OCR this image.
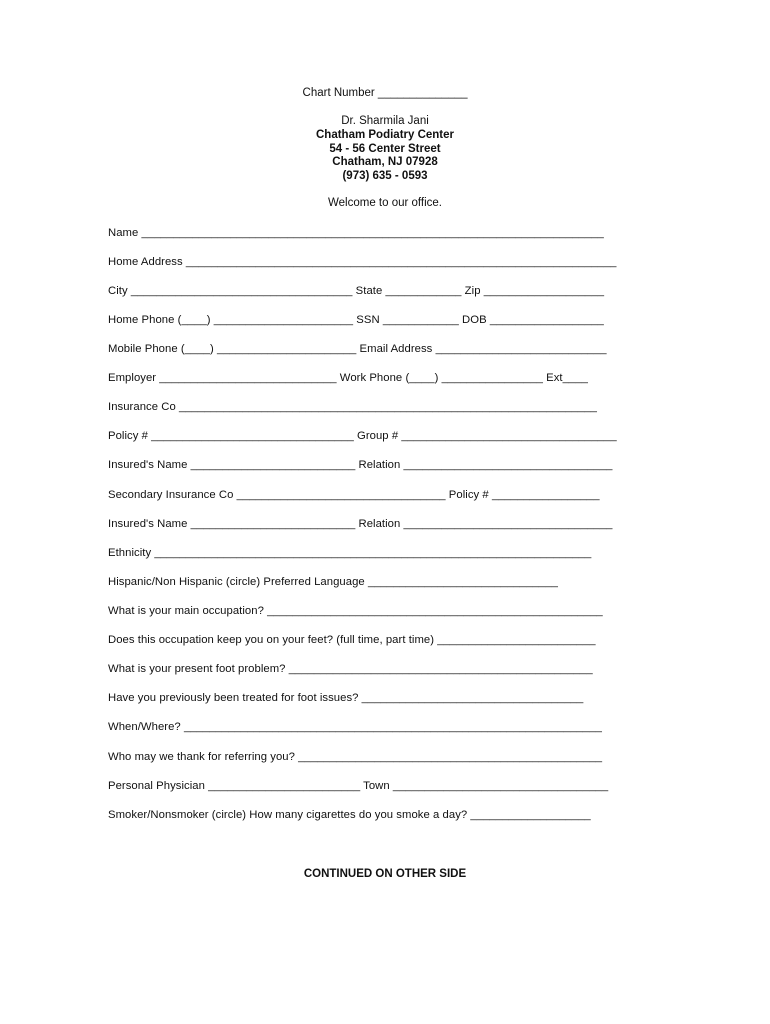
Chart Number ______________
Dr. Sharmila Jani
Chatham Podiatry Center
54 - 56 Center Street
Chatham, NJ 07928
(973) 635 - 0593
Welcome to our office.
Name _________________________________________________________________________
Home Address ____________________________________________________________________
City ___________________________________ State ____________ Zip ___________________
Home Phone (____) ______________________ SSN ____________ DOB __________________
Mobile Phone (____) ______________________ Email Address ___________________________
Employer ____________________________ Work Phone (____) ________________ Ext____
Insurance Co __________________________________________________________________
Policy # ________________________________ Group # __________________________________
Insured's Name __________________________ Relation _________________________________
Secondary Insurance Co _________________________________ Policy # _________________
Insured's Name __________________________ Relation _________________________________
Ethnicity _____________________________________________________________________
Hispanic/Non Hispanic (circle) Preferred Language ______________________________
What is your main occupation? _____________________________________________________
Does this occupation keep you on your feet? (full time, part time) _________________________
What is your present foot problem? ________________________________________________
Have you previously been treated for foot issues? ___________________________________
When/Where? __________________________________________________________________
Who may we thank for referring you? ________________________________________________
Personal Physician ________________________ Town __________________________________
Smoker/Nonsmoker (circle) How many cigarettes do you smoke a day? ___________________
CONTINUED ON OTHER SIDE
